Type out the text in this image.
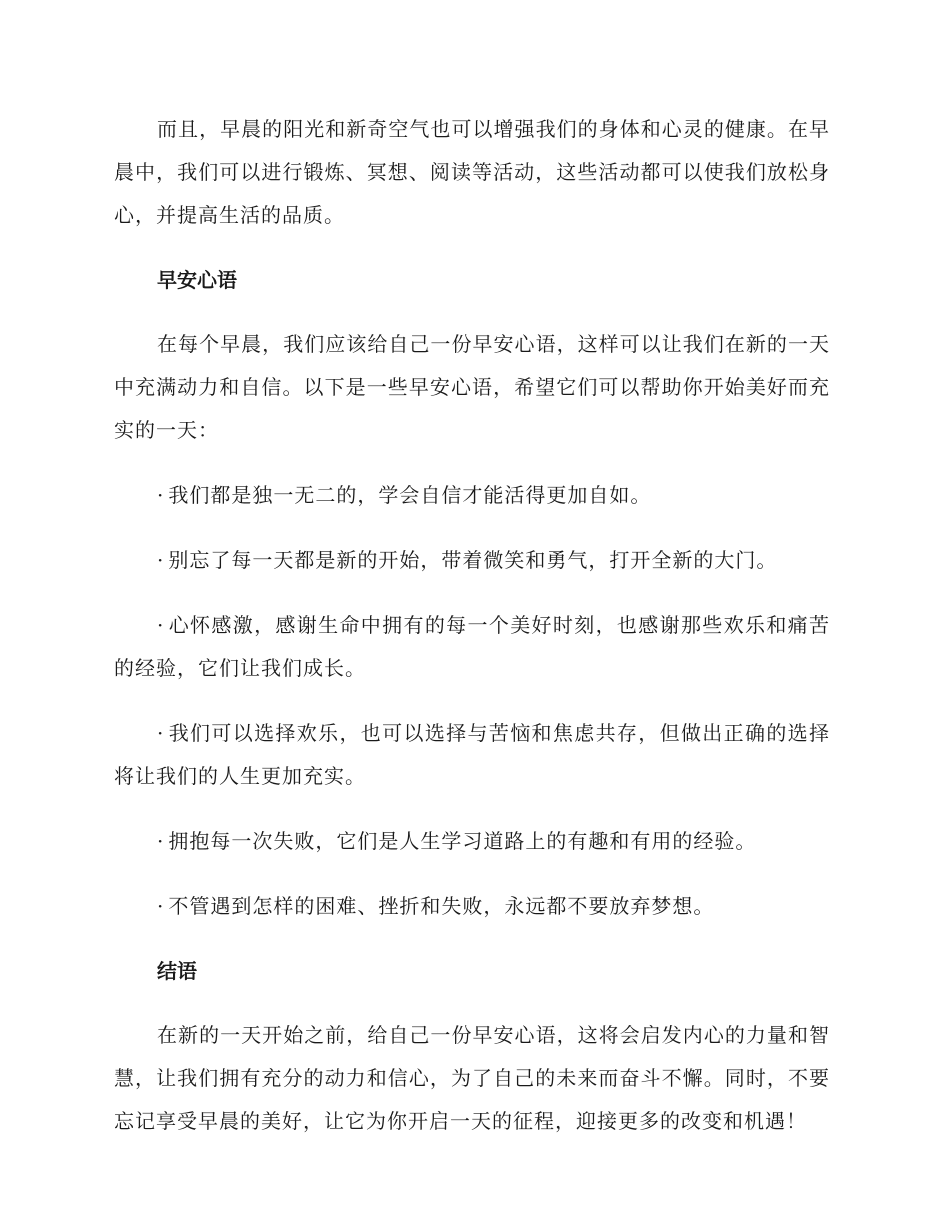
而且，早晨的阳光和新奇空气也可以增强我们的身体和心灵的健康。在早晨中，我们可以进行锻炼、冥想、阅读等活动，这些活动都可以使我们放松身心，并提高生活的品质。

早安心语

在每个早晨，我们应该给自己一份早安心语，这样可以让我们在新的一天中充满动力和自信。以下是一些早安心语，希望它们可以帮助你开始美好而充实的一天：

· 我们都是独一无二的，学会自信才能活得更加自如。
· 别忘了每一天都是新的开始，带着微笑和勇气，打开全新的大门。
· 心怀感激，感谢生命中拥有的每一个美好时刻，也感谢那些欢乐和痛苦的经验，它们让我们成长。
· 我们可以选择欢乐，也可以选择与苦恼和焦虑共存，但做出正确的选择将让我们的人生更加充实。
· 拥抱每一次失败，它们是人生学习道路上的有趣和有用的经验。
· 不管遇到怎样的困难、挫折和失败，永远都不要放弃梦想。
结语

在新的一天开始之前，给自己一份早安心语，这将会启发内心的力量和智慧，让我们拥有充分的动力和信心，为了自己的未来而奋斗不懈。同时，不要忘记享受早晨的美好，让它为你开启一天的征程，迎接更多的改变和机遇！
